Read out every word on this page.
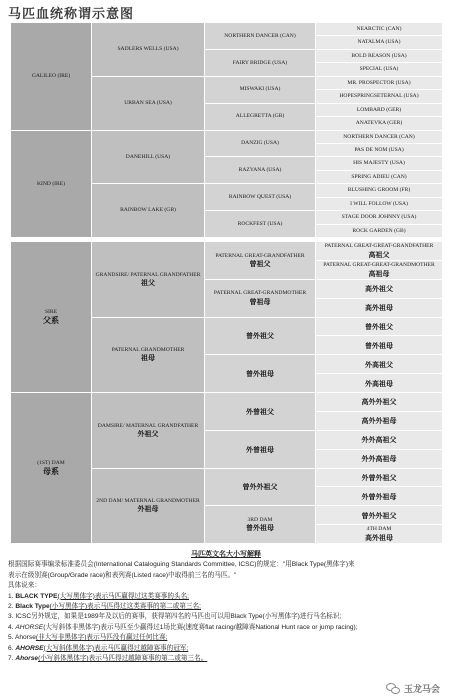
马匹血统称谓示意图
GALILEO (IRE)
KIND (IRE)
SADLERS WELLS (USA)
URBAN SEA (USA)
DANEHILL (USA)
RAINBOW LAKE (GB)
NORTHERN DANCER (CAN)
FAIRY BRIDGE (USA)
MISWAKI (USA)
ALLEGRETTA (GB)
DANZIG (USA)
RAZYANA (USA)
RAINBOW QUEST (USA)
ROCKFEST (USA)
NEARCTIC (CAN)
NATALMA (USA)
BOLD REASON (USA)
SPECIAL (USA)
MR. PROSPECTOR (USA)
HOPESPRINGSETERNAL (USA)
LOMBARD (GER)
ANATEVKA (GER)
NORTHERN DANCER (CAN)
PAS DE NOM (USA)
HIS MAJESTY (USA)
SPRING ADIEU (CAN)
BLUSHING GROOM (FR)
I WILL FOLLOW (USA)
STAGE DOOR JOHNNY (USA)
ROCK GARDEN (GB)
SIRE
父系
(1ST) DAM
母系
GRANDSIRE/ PATERNAL GRANDFATHER
祖父
PATERNAL GRANDMOTHER
祖母
DAMSIRE/ MATERNAL GRANDFATHER
外祖父
2ND DAM/ MATERNAL GRANDMOTHER
外祖母
PATERNAL GREAT-GRANDFATHER
曾祖父
PATERNAL GREAT-GRANDMOTHER
曾祖母
曾外祖父
曾外祖母
外曾祖父
外曾祖母
曾外外祖父
3RD DAM
曾外祖母
PATERNAL GREAT-GREAT-GRANDFATHER
高祖父
PATERNAL GREAT-GREAT-GRANDMOTHER
高祖母
高外祖父
高外祖母
曾外祖父
曾外祖母
外高祖父
外高祖母
高外外祖父
高外外祖母
外外高祖父
外外高祖母
外曾外祖父
外曾外祖母
曾外外祖父
4TH DAM
高外祖母
马匹英文名大小写解释
根据国际赛事编录标准委员会(International Cataloguing Standards Committee, ICSC)的规定："用Black Type(黑体字)来
表示在级别赛(Group/Grade race)和表列赛(Listed race)中取得前三名的马匹。"
具体说来：
1. BLACK TYPE(大写黑体字)表示马匹赢得过这类赛事的头名;
2. Black Type(小写黑体字)表示马匹得过这类赛事的第二或第三名;
3. ICSC另外规定，如果是1989年及以后的赛事，获得第四名的马匹也可以用Black Type(小写黑体字)进行马名标识;
4. AHORSE(大写斜体非黑体字)表示马匹至少赢得过1场比赛(速度赛flat racing/越障赛National Hunt race or jump racing);
5. Ahorse(非大写非黑体字)表示马匹没有赢过任何比赛;
6. AHORSE(大写斜体黑体字)表示马匹赢得过越障赛事的冠军;
7. Ahorse(小写斜体黑体字)表示马匹得过越障赛事的第二或第三名。
玉龙马会
